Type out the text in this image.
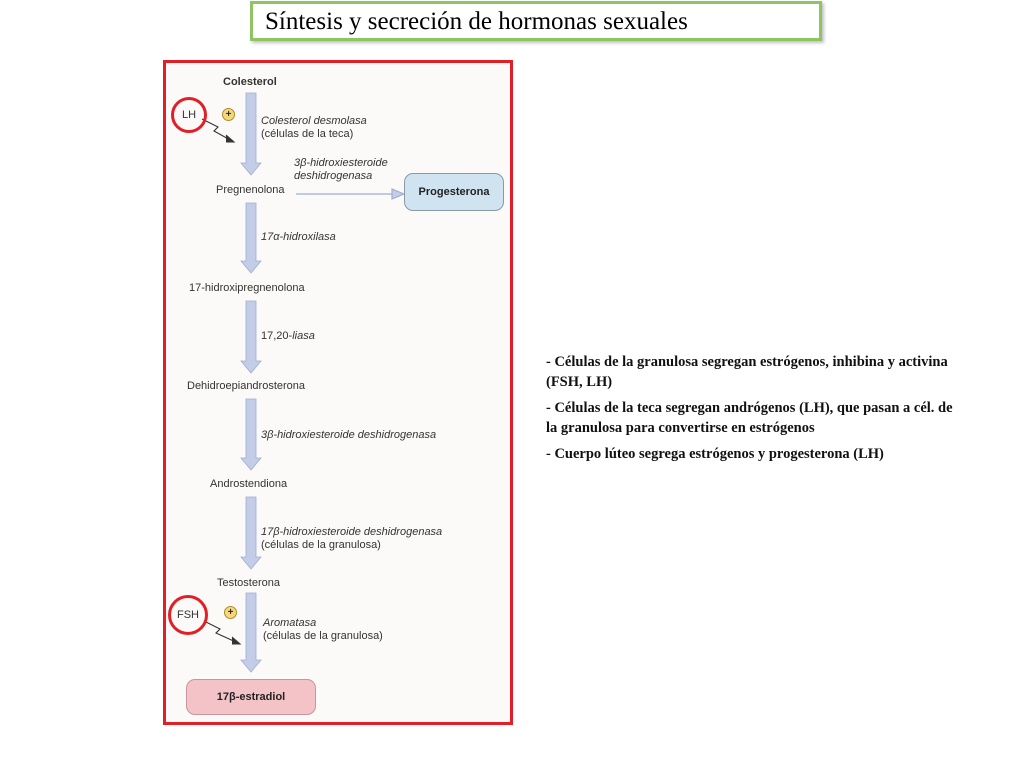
Síntesis y secreción de hormonas sexuales
Colesterol
Pregnenolona
17-hidroxipregnenolona
Dehidroepiandrosterona
Androstendiona
Testosterona
Colesterol desmolasa
(células de la teca)
3β-hidroxiesteroide
deshidrogenasa
17α-hidroxilasa
17,20-liasa
3β-hidroxiesteroide deshidrogenasa
17β-hidroxiesteroide deshidrogenasa
(células de la granulosa)
Aromatasa
(células de la granulosa)
Progesterona
17β-estradiol
LH	+
FSH	+

- Células de la granulosa segregan estrógenos, inhibina y activina (FSH, LH)

- Células de la teca segregan andrógenos (LH), que pasan a cél. de la granulosa para convertirse en estrógenos

- Cuerpo lúteo segrega estrógenos y progesterona (LH)
